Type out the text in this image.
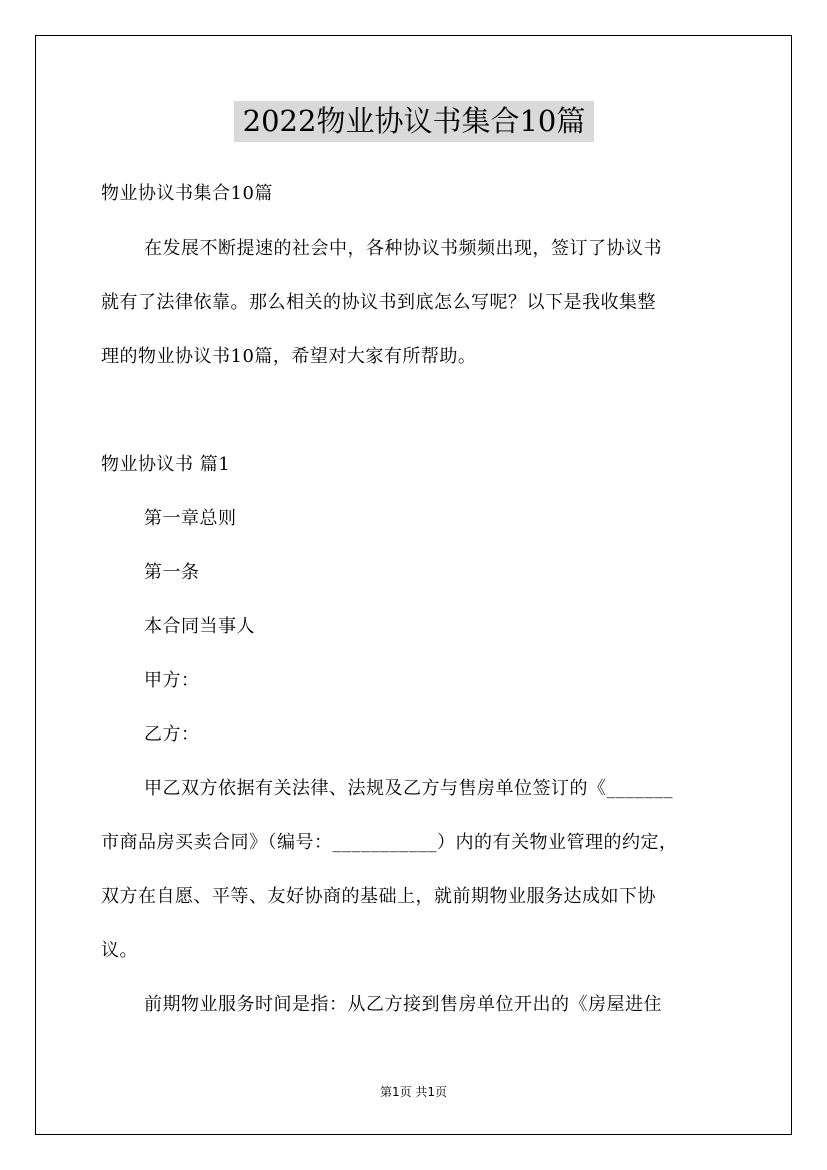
2022物业协议书集合10篇
物业协议书集合10篇
在发展不断提速的社会中，各种协议书频频出现，签订了协议书
就有了法律依靠。那么相关的协议书到底怎么写呢？以下是我收集整
理的物业协议书10篇，希望对大家有所帮助。
物业协议书 篇1
第一章总则
第一条
本合同当事人
甲方：
乙方：
甲乙双方依据有关法律、法规及乙方与售房单位签订的《_______
市商品房买卖合同》（编号：___________）内的有关物业管理的约定，
双方在自愿、平等、友好协商的基础上，就前期物业服务达成如下协
议。
前期物业服务时间是指：从乙方接到售房单位开出的《房屋进住
第1页 共1页
